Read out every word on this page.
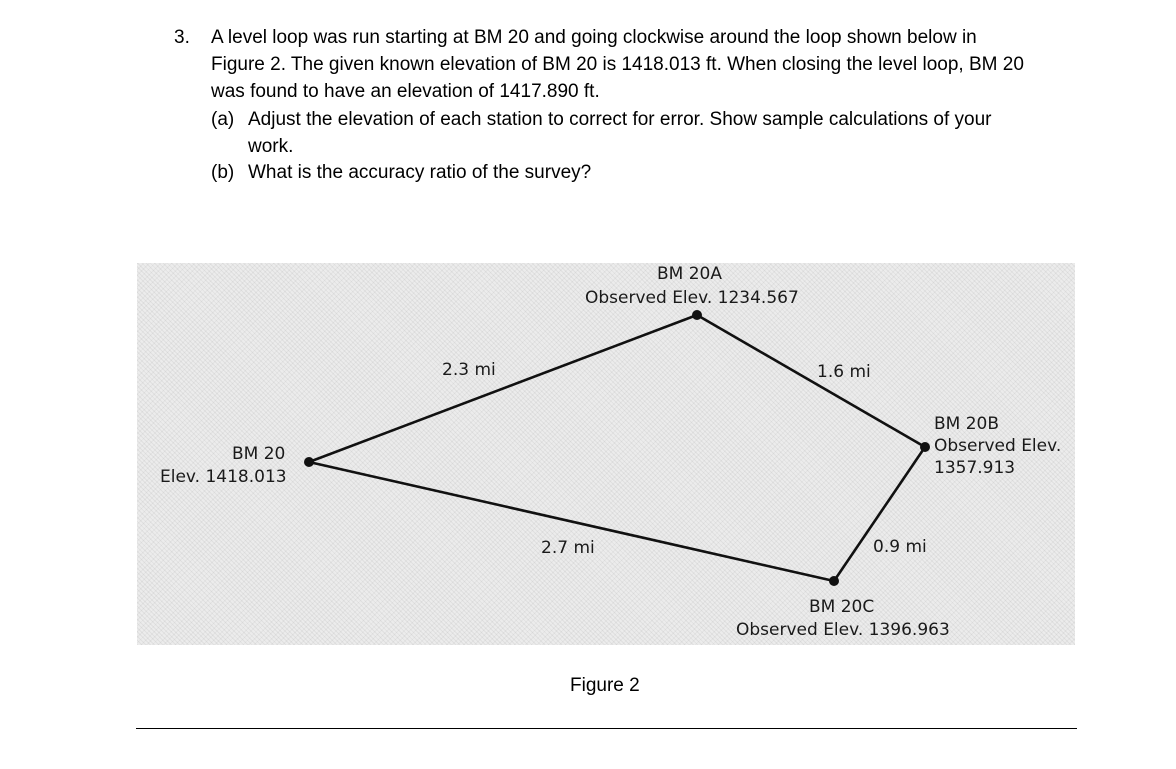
3. A level loop was run starting at BM 20 and going clockwise around the loop shown below in
Figure 2. The given known elevation of BM 20 is 1418.013 ft. When closing the level loop, BM 20
was found to have an elevation of 1417.890 ft.
(a) Adjust the elevation of each station to correct for error. Show sample calculations of your
work.
(b) What is the accuracy ratio of the survey?
BM 20A
Observed Elev. 1234.567
BM 20
Elev. 1418.013
BM 20B
Observed Elev.
1357.913
BM 20C
Observed Elev. 1396.963
2.3 mi	1.6 mi
0.9 mi
2.7 mi
Figure 2
